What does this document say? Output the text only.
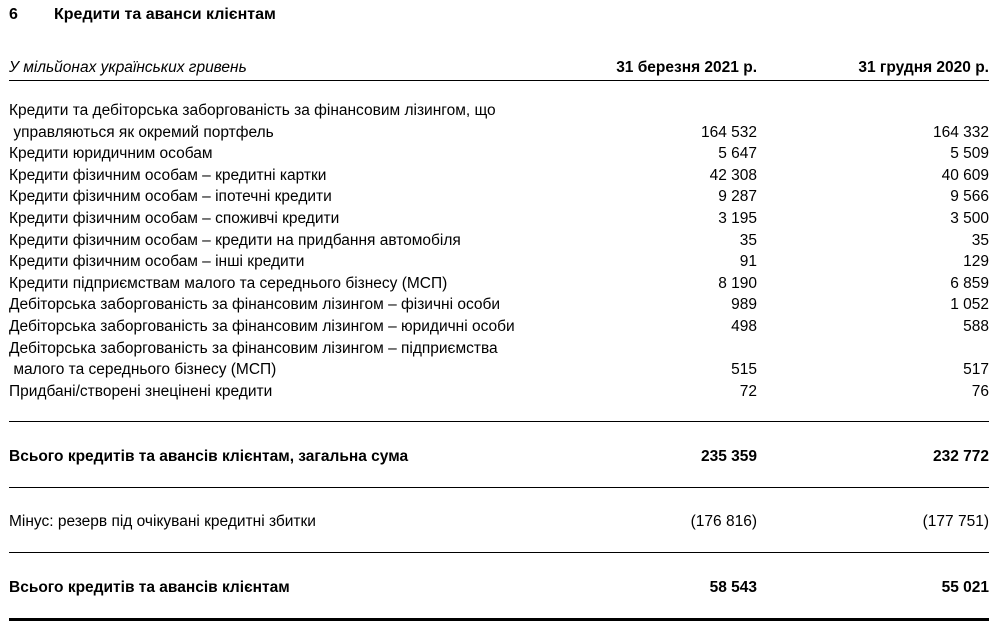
6	Кредити та аванси клієнтам
У мільйонах українських гривень	31 березня 2021 р.	31 грудня 2020 р.
Кредити та дебіторська заборгованість за фінансовим лізингом, що
управляються як окремий портфель	164 532	164 332
Кредити юридичним особам	5 647	5 509
Кредити фізичним особам – кредитні картки	42 308	40 609
Кредити фізичним особам – іпотечні кредити	9 287	9 566
Кредити фізичним особам – споживчі кредити	3 195	3 500
Кредити фізичним особам – кредити на придбання автомобіля	35	35
Кредити фізичним особам – інші кредити	91	129
Кредити підприємствам малого та середнього бізнесу (МСП)	8 190	6 859
Дебіторська заборгованість за фінансовим лізингом – фізичні особи	989	1 052
Дебіторська заборгованість за фінансовим лізингом – юридичні особи	498	588
Дебіторська заборгованість за фінансовим лізингом – підприємства
малого та середнього бізнесу (МСП)	515	517
Придбані/створені знецінені кредити	72	76
Всього кредитів та авансів клієнтам, загальна сума	235 359	232 772
Мінус: резерв під очікувані кредитні збитки	(176 816)	(177 751)
Всього кредитів та авансів клієнтам	58 543	55 021
